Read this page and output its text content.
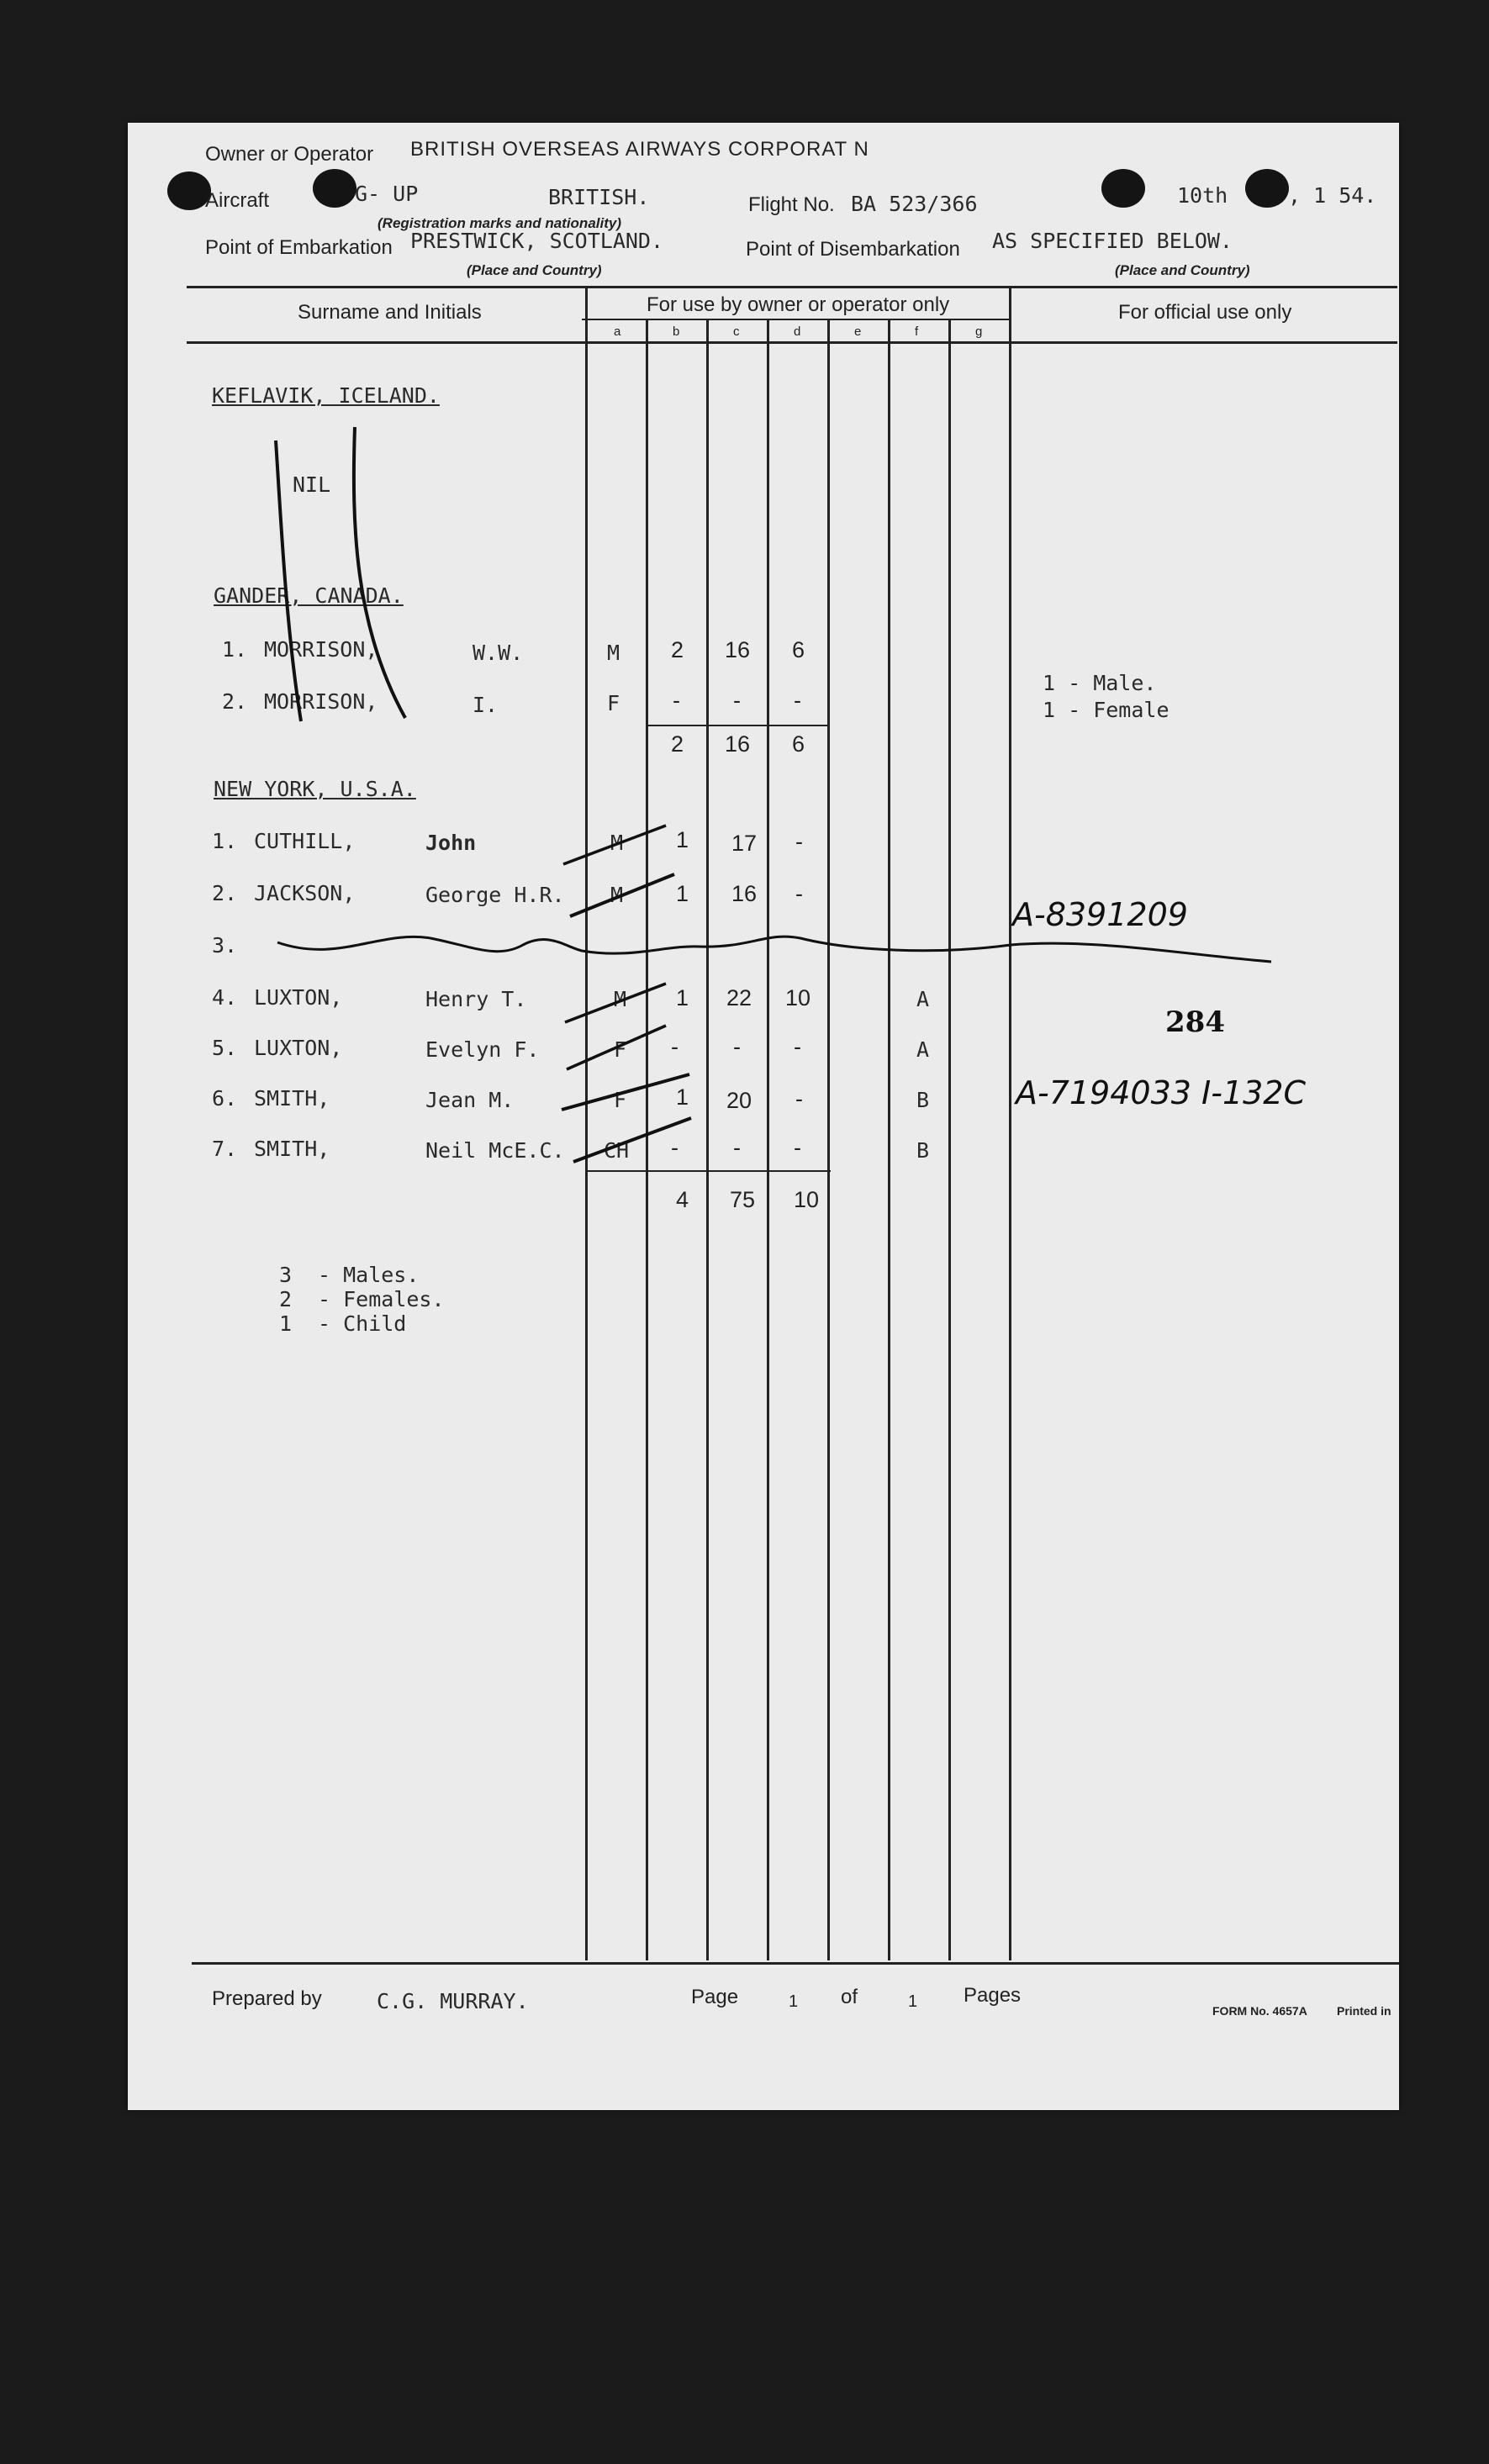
Owner or Operator BRITISH OVERSEAS AIRWAYS CORPORAT N
Aircraft	G- UP	BRITISH.
(Registration marks and nationality)
Flight No. BA 523/366	10th	, 1 54.
Point of Embarkation PRESTWICK, SCOTLAND.
(Place and Country)
Point of Disembarkation AS SPECIFIED BELOW.
(Place and Country)
Surname and Initials	For use by owner or operator only	For official use only
a	b	c	d	e	f	g
KEFLAVIK, ICELAND.
NIL
GANDER, CANADA.
1. MORRISON,	W.W.	M 2 16 6
2. MORRISON,	I.	F - - -
2 16 6
1 - Male.
1 - Female
NEW YORK, U.S.A.
1. CUTHILL,	John	M 1 17 -
2. JACKSON,	George H.R. M 1 16 -
3.
4. LUXTON,	Henry T.	M 1 22 10	A
5. LUXTON,	Evelyn F.	F - - -	A
6. SMITH,	Jean M.	F 1 20 -	B
7. SMITH,	Neil McE.C. CH - - -	B
4 75 10
3 - Males.
2 - Females.
1 - Child
A-8391209
284
A-7194033 I-132C
Prepared by	C.G. MURRAY.	Page	1 of	1 Pages
FORM No. 4657A	Printed in
